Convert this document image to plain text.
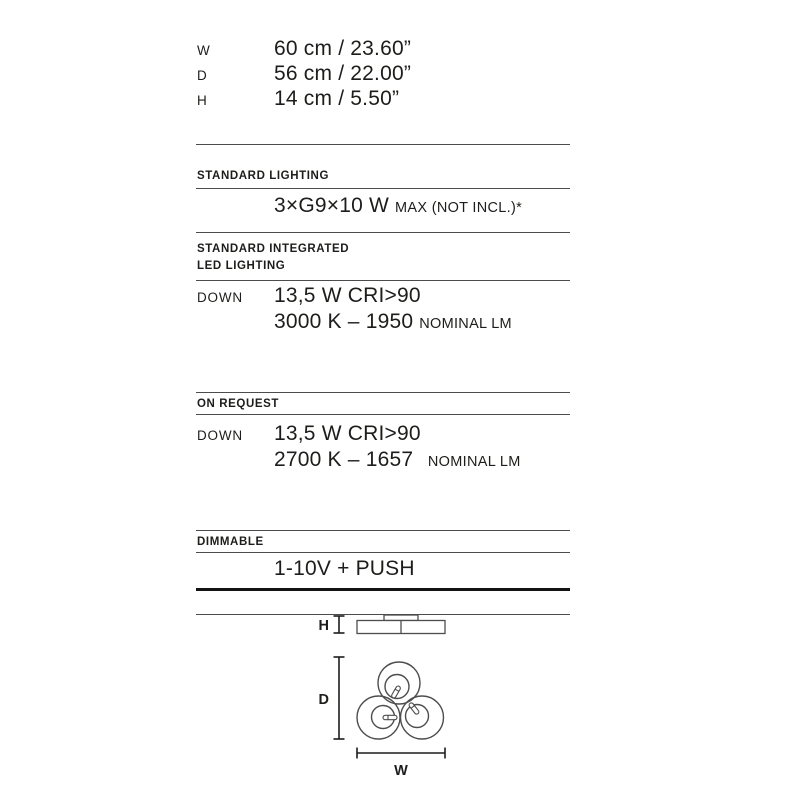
W	60 cm / 23.60”
D	56 cm / 22.00”
H	14 cm / 5.50”
STANDARD LIGHTING
3×G9×10 W MAX (NOT INCL.)*
STANDARD INTEGRATED
LED LIGHTING
DOWN	13,5 W CRI>90
3000 K – 1950 NOMINAL LM
ON REQUEST
DOWN	13,5 W CRI>90
2700 K – 1657 NOMINAL LM
DIMMABLE
1-10V + PUSH
H
D
W
